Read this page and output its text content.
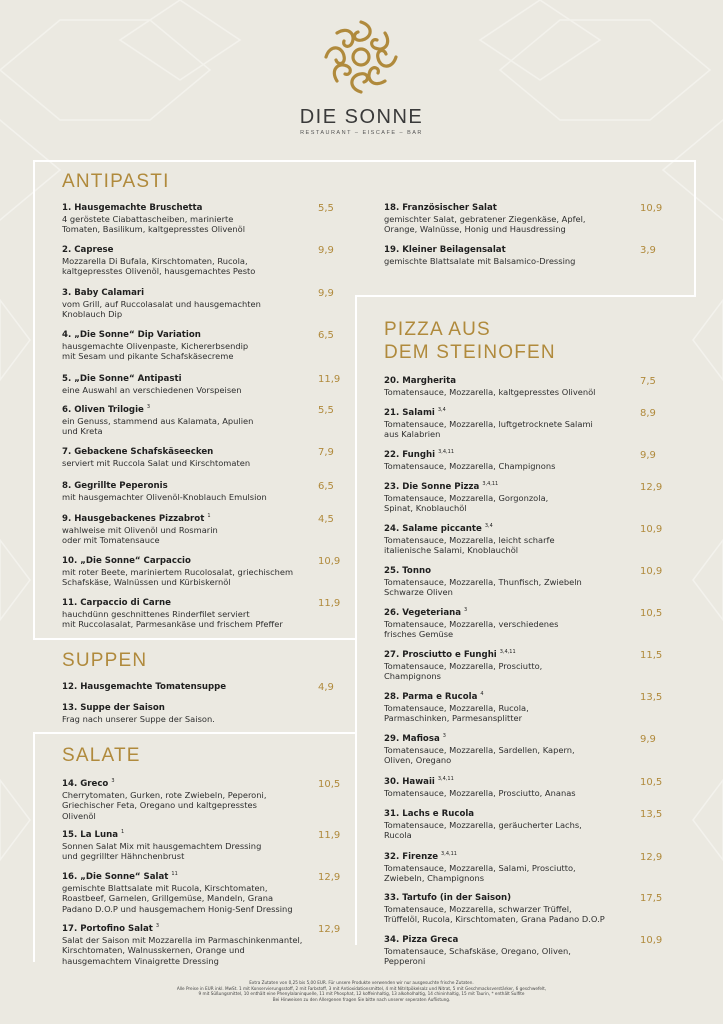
DIE SONNE
RESTAURANT – EISCAFE – BAR
ANTIPASTI
1. Hausgemachte Bruschetta
4 gerӧstete Ciabattascheiben, marinierte
Tomaten, Basilikum, kaltgepresstes Olivenӧl
5,5
2. Caprese
Mozzarella Di Bufala, Kirschtomaten, Rucola,
kaltgepresstes Olivenӧl, hausgemachtes Pesto
9,9
3. Baby Calamari
vom Grill, auf Ruccolasalat und hausgemachten
Knoblauch Dip
9,9
4. „Die Sonne“ Dip Variation
hausgemachte Olivenpaste, Kichererbsendip
mit Sesam und pikante Schafskäsecreme
6,5
5. „Die Sonne“ Antipasti
eine Auswahl an verschiedenen Vorspeisen
11,9
6. Oliven Trilogie $^3$
ein Genuss, stammend aus Kalamata, Apulien
und Kreta
5,5
7. Gebackene Schafskäseecken
serviert mit Ruccola Salat und Kirschtomaten
7,9
8. Gegrillte Peperonis
mit hausgemachter Olivenӧl-Knoblauch Emulsion
6,5
9. Hausgebackenes Pizzabrot $^1$
wahlweise mit Olivenӧl und Rosmarin
oder mit Tomatensauce
4,5
10. „Die Sonne“ Carpaccio
mit roter Beete, mariniertem Rucolosalat, griechischem
Schafskäse, Walnüssen und Kürbiskernӧl
10,9
11. Carpaccio di Carne
hauchdünn geschnittenes Rinderfilet serviert
mit Ruccolasalat, Parmesankäse und frischem Pfeffer
11,9
SUPPEN
12. Hausgemachte Tomatensuppe	4,9
13. Suppe der Saison
Frag nach unserer Suppe der Saison.
SALATE
14. Greco $^3$
Cherrytomaten, Gurken, rote Zwiebeln, Peperoni,
Griechischer Feta, Oregano und kaltgepresstes
Olivenӧl
10,5
15. La Luna $^1$
Sonnen Salat Mix mit hausgemachtem Dressing
und gegrillter Hähnchenbrust
11,9
16. „Die Sonne“ Salat $^{11}$
gemischte Blattsalate mit Rucola, Kirschtomaten,
Roastbeef, Garnelen, Grillgemüse, Mandeln, Grana
Padano D.O.P und hausgemachem Honig-Senf Dressing
12,9
17. Portofino Salat $^3$
Salat der Saison mit Mozzarella im Parmaschinkenmantel,
Kirschtomaten, Walnusskernen, Orange und
hausgemachtem Vinaigrette Dressing
12,9
18. Französischer Salat
gemischter Salat, gebratener Ziegenkäse, Apfel,
Orange, Walnüsse, Honig und Hausdressing
10,9
19. Kleiner Beilagensalat
gemischte Blattsalate mit Balsamico-Dressing
3,9
PIZZA AUS
DEM STEINOFEN
20. Margherita
Tomatensauce, Mozzarella, kaltgepresstes Olivenӧl
7,5
21. Salami $^{3,4}$
Tomatensauce, Mozzarella, luftgetrocknete Salami
aus Kalabrien
8,9
22. Funghi $^{3,4,11}$
Tomatensauce, Mozzarella, Champignons
9,9
23. Die Sonne Pizza $^{3,4,11}$
Tomatensauce, Mozzarella, Gorgonzola,
Spinat, Knoblauchӧl
12,9
24. Salame piccante $^{3,4}$
Tomatensauce, Mozzarella, leicht scharfe
italienische Salami, Knoblauchӧl
10,9
25. Tonno
Tomatensauce, Mozzarella, Thunfisch, Zwiebeln
Schwarze Oliven
10,9
26. Vegeteriana $^3$
Tomatensauce, Mozzarella, verschiedenes
frisches Gemüse
10,5
27. Prosciutto e Funghi $^{3,4,11}$
Tomatensauce, Mozzarella, Prosciutto,
Champignons
11,5
28. Parma e Rucola $^4$
Tomatensauce, Mozzarella, Rucola,
Parmaschinken, Parmesansplitter
13,5
29. Mafiosa $^3$
Tomatensauce, Mozzarella, Sardellen, Kapern,
Oliven, Oregano
9,9
30. Hawaii $^{3,4,11}$
Tomatensauce, Mozzarella, Prosciutto, Ananas
10,5
31. Lachs e Rucola
Tomatensauce, Mozzarella, geräucherter Lachs,
Rucola
13,5
32. Firenze $^{3,4,11}$
Tomatensauce, Mozzarella, Salami, Prosciutto,
Zwiebeln, Champignons
12,9
33. Tartufo (in der Saison)
Tomatensauce, Mozzarella, schwarzer Trüffel,
Trüffelӧl, Rucola, Kirschtomaten, Grana Padano D.O.P
17,5
34. Pizza Greca
Tomatensauce, Schafskäse, Oregano, Oliven,
Pepperoni
10,9
Extra Zutaten von 0,25 bis 5,00 EUR. Für unsere Produkte verwenden wir nur ausgesuchte frische Zutaten.
Alle Preise in EUR inkl. MwSt. 1 mit Konservierungsstoff, 2 mit Farbstoff, 3 mit Antioxidationsmittel, 4 mit Nitritpökelsalz und Nitrat, 5 mit Geschmacksverstärker, 6 geschwefelt,
9 mit Süßungsmittel, 10 enthält eine Phenylalaninquelle, 11 mit Phosphat, 12 koffeinhaltig, 13 alkoholhaltig, 14 chininhaltig, 15 mit Taurin, * enthält Sulfite
Bei Hinweisen zu den Allergenen fragen Sie bitte nach unserer seperaten Auflistung.
